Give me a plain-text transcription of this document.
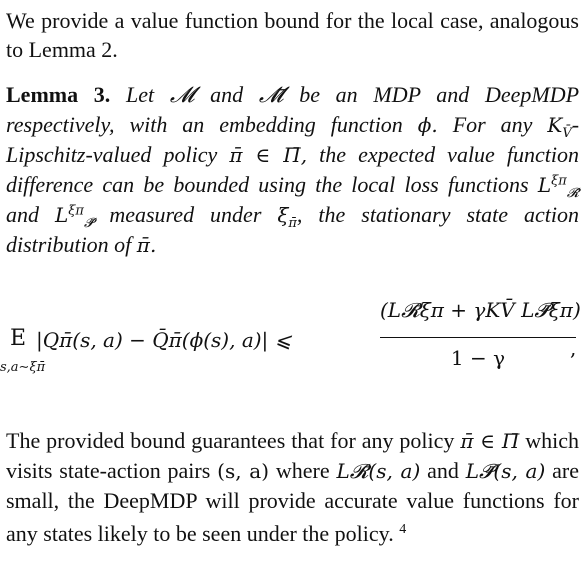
We provide a value function bound for the local case, analogous to Lemma 2.
Lemma 3. Let 𝓜 and 𝓜̄ be an MDP and DeepMDP respectively, with an embedding function ϕ. For any $K_{V̄}-Lipschitz$-valued policy π̄ ∈ Π̄, the expected value function difference can be bounded using the local loss functions $L^{\xi\pi}_{𝓡̄}$ and $L^{\xi\pi}_{𝓟̄}$ measured under $\xi_{\pī}$, the stationary state action distribution of π̄.
E
s,a∼ξπ̄
|Qπ̄(s, a) − Q̄π̄(ϕ(s), a)| ⩽
(L𝓡̄ξπ + γKV̄ L𝓟̄ξπ)
1 − γ	,
The provided bound guarantees that for any policy π̄ ∈ Π̄ which visits state-action pairs (s, a) where L𝓡̄(s, a) and L𝓟̄(s, a) are small, the DeepMDP will provide accurate value functions for any states likely to be seen under the policy. $^4$
